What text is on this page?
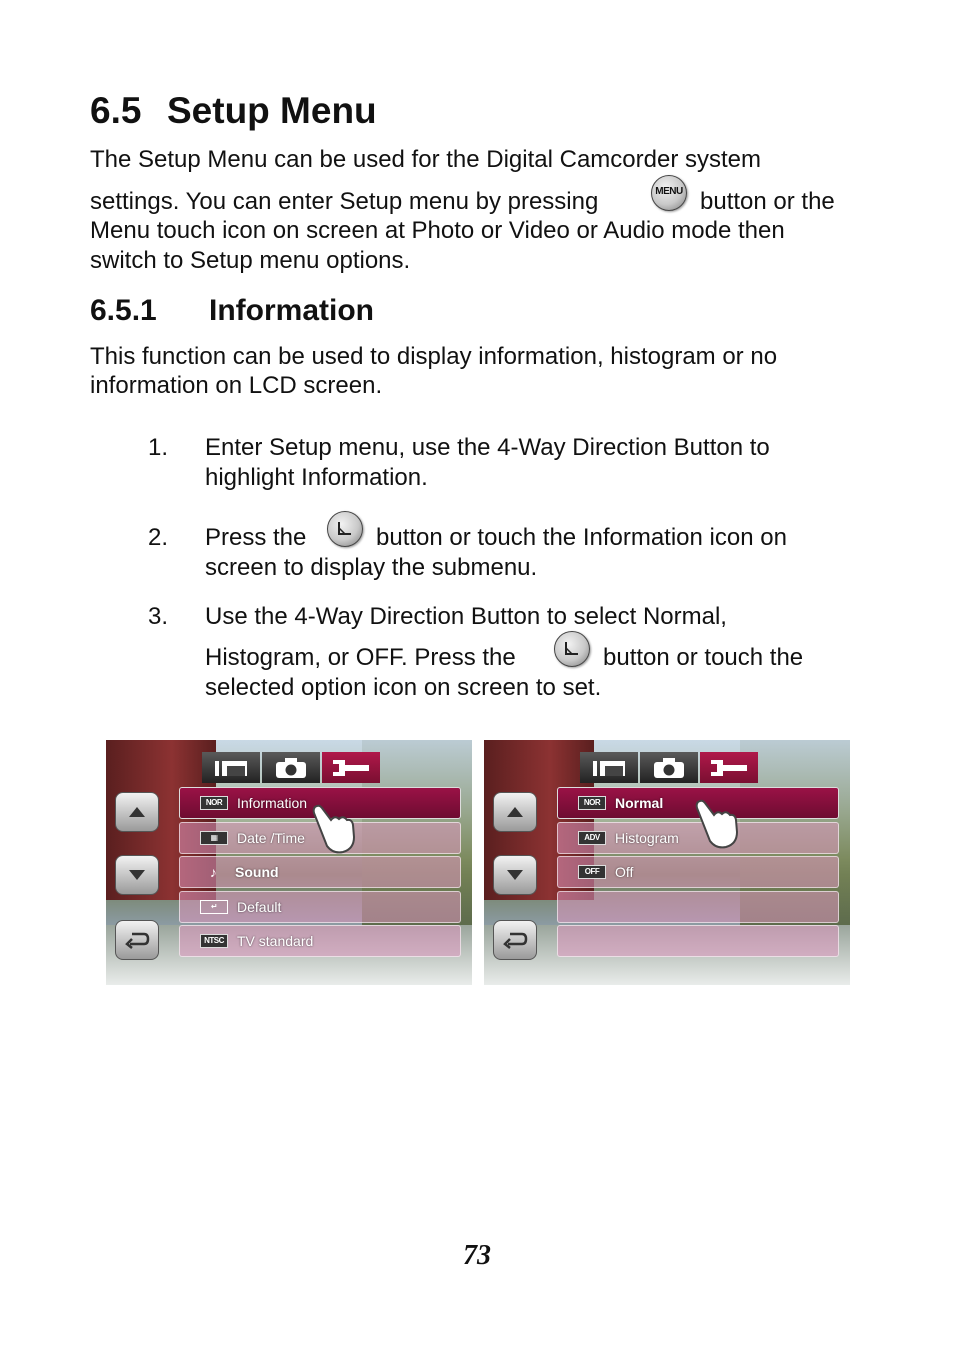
6.5 Setup Menu
The Setup Menu can be used for the Digital Camcorder system
settings. You can enter Setup menu by pressing	MENU button or the
Menu touch icon on screen at Photo or Video or Audio mode then
switch to Setup menu options.
6.5.1 Information
This function can be used to display information, histogram or no
information on LCD screen.
1. Enter Setup menu, use the 4-Way Direction Button to
highlight Information.
2. Press the	button or touch the Information icon on
screen to display the submenu.
3. Use the 4-Way Direction Button to select Normal,
Histogram, or OFF. Press the	button or touch the
selected option icon on screen to set.
NOR	Information
▦	Date /Time
♪	Sound
↵	Default
NTSC TV standard
NOR	Normal
ADV	Histogram
OFF	Off
73
